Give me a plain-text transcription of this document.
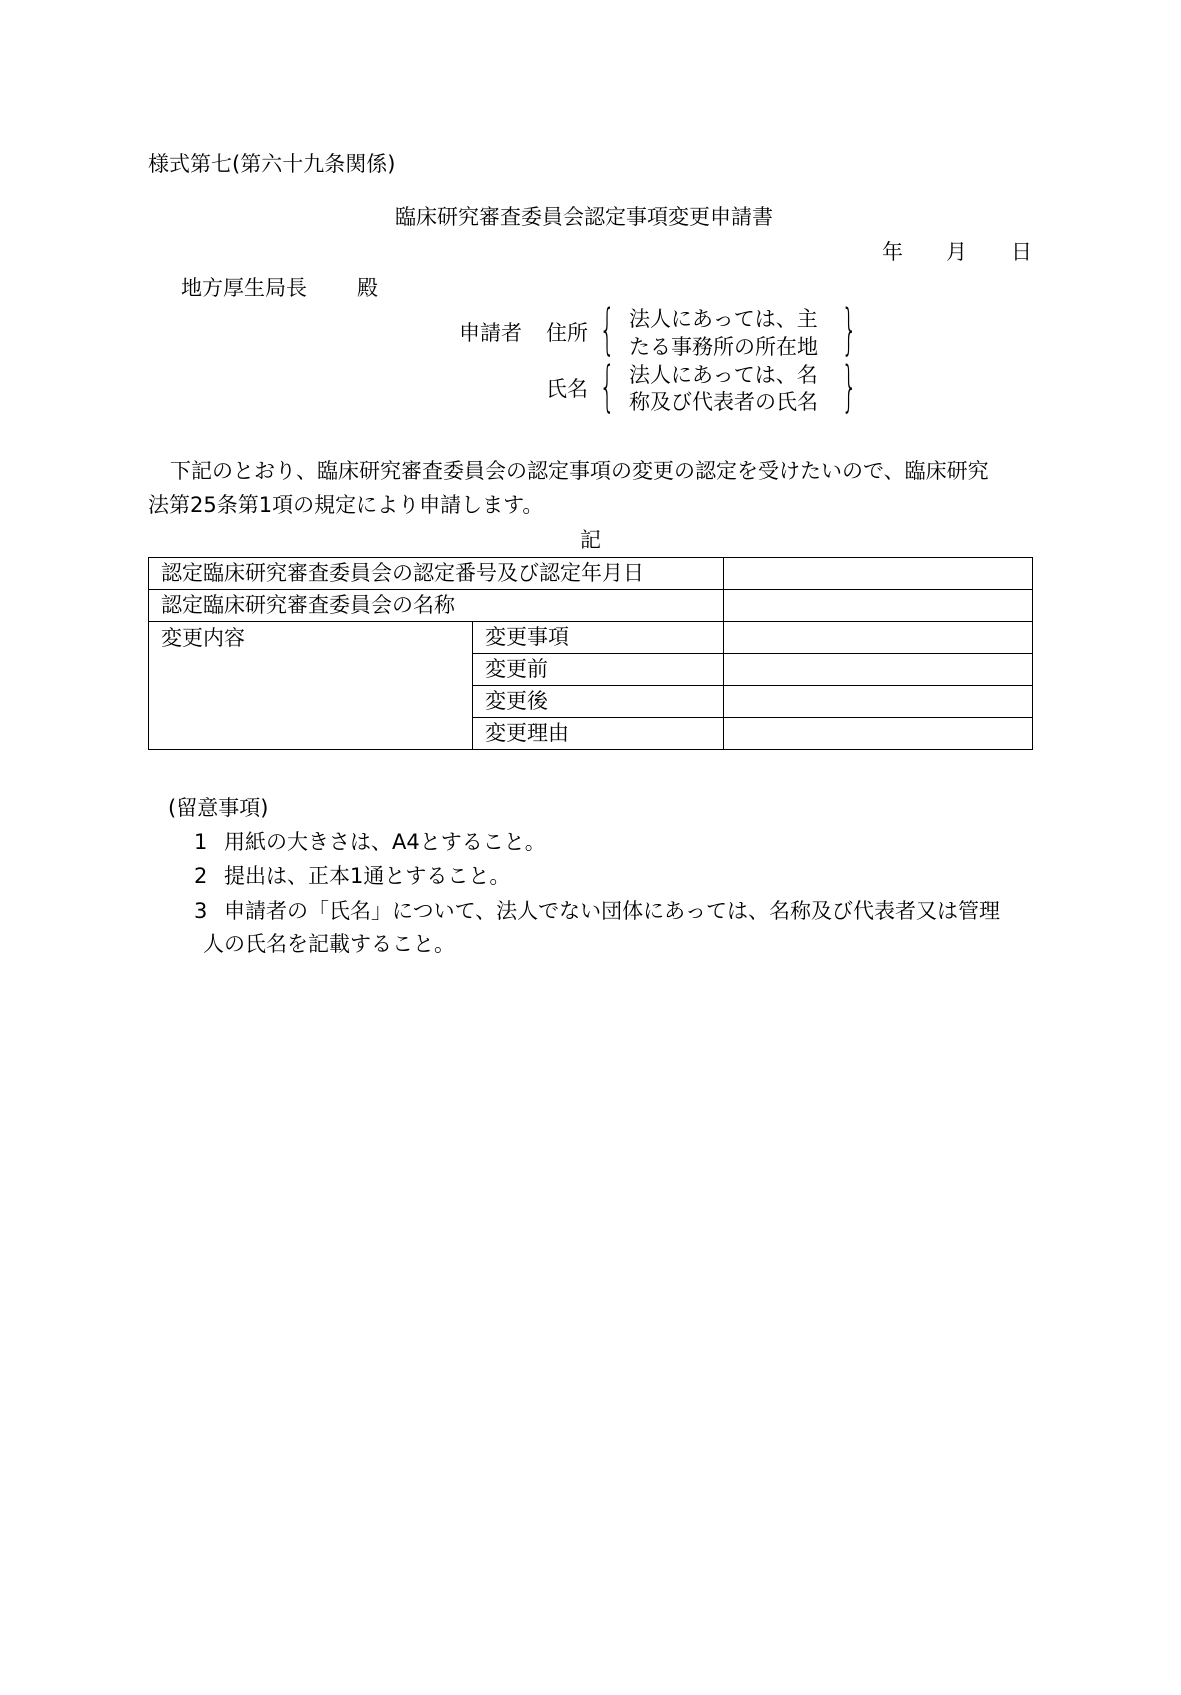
様式第七(第六十九条関係)
臨床研究審査委員会認定事項変更申請書
年 月 日
地方厚生局長 殿
申請者 住所 { 法人にあっては、主
たる事務所の所在地 }
氏名 { 法人にあっては、名
称及び代表者の氏名 }
下記のとおり、臨床研究審査委員会の認定事項の変更の認定を受けたいので、臨床研究
法第25条第1項の規定により申請します。
記
認定臨床研究審査委員会の認定番号及び認定年月日		
認定臨床研究審査委員会の名称		
変更内容	変更事項	
	変更前	
	変更後	
	変更理由	
(留意事項)
1 用紙の大きさは、A4とすること。
2 提出は、正本1通とすること。
3 申請者の「氏名」について、法人でない団体にあっては、名称及び代表者又は管理
人の氏名を記載すること。
